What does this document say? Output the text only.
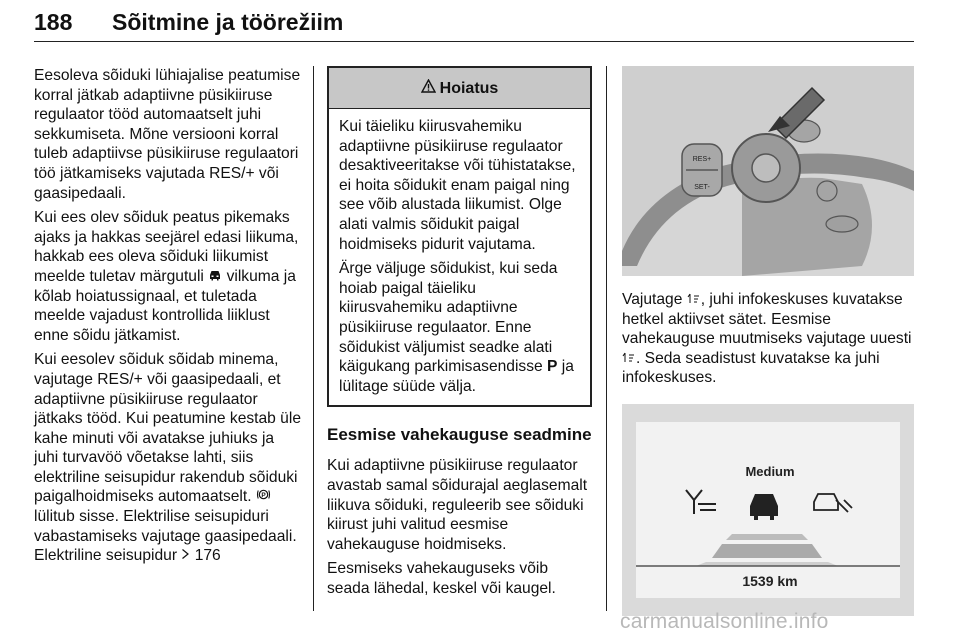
188 Sõitmine ja töörežiim

Eesoleva sõiduki lühiajalise peatumise korral jätkab adaptiivne püsikiiruse regulaator tööd automaatselt juhi sekkumiseta. Mõne versiooni korral tuleb adaptiivse püsikiiruse regulaatori töö jätkamiseks vajutada RES/+ või gaasipedaali.

Kui ees olev sõiduk peatus pikemaks ajaks ja hakkas seejärel edasi liikuma, hakkab ees oleva sõiduki liikumist meelde tuletav märgutuli vilkuma ja kõlab hoiatussignaal, et tuletada meelde vajadust kontrollida liiklust enne sõidu jätkamist.

Kui eesolev sõiduk sõidab minema, vajutage RES/+ või gaasipedaali, et adaptiivne püsikiiruse regulaator jätkaks tööd. Kui peatumine kestab üle kahe minuti või avatakse juhiuks ja juhi turvavöö võetakse lahti, siis elektriline seisupidur rakendub sõiduki paigalhoidmiseks automaatselt. P
lülitub sisse. Elektrilise seisupiduri vabastamiseks vajutage gaasipedaali. Elektriline seisupidur 176

Hoiatus

Kui täieliku kiirusvahemiku adaptiivne püsikiiruse regulaator desaktiveeritakse või tühistatakse, ei hoita sõidukit enam paigal ning see võib alustada liikumist. Olge alati valmis sõidukit paigal hoidmiseks pidurit vajutama.

Ärge väljuge sõidukist, kui seda hoiab paigal täieliku kiirusvahemiku adaptiivne püsikiiruse regulaator. Enne sõidukist väljumist seadke alati käigukang parkimisasendisse P ja lülitage süüde välja.

Eesmise vahekauguse seadmine

Kui adaptiivne püsikiiruse regulaator avastab samal sõidurajal aeglasemalt liikuva sõiduki, reguleerib see sõiduki kiirust juhi valitud eesmise vahekauguse hoidmiseks.

Eesmiseks vahekauguseks võib seada lähedal, keskel või kaugel.

RES+
SET-

Vajutage , juhi infokeskuses kuvatakse hetkel aktiivset sätet. Eesmise vahekauguse muutmiseks vajutage uuesti . Seda seadistust kuvatakse ka juhi infokeskuses.

Medium
1539 km
carmanualsonline.info
